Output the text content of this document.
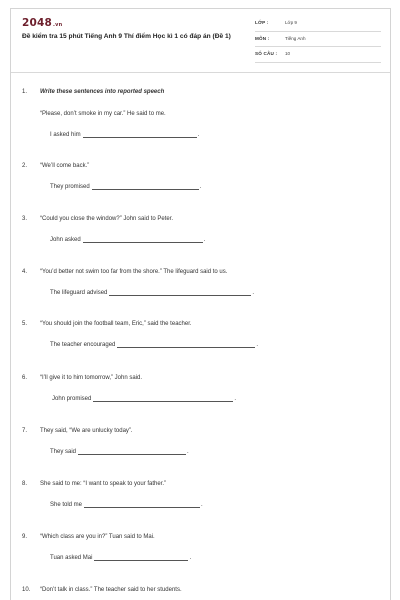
2048.vn
Đề kiểm tra 15 phút Tiếng Anh 9 Thí điểm Học kì 1 có đáp án (Đề 1)
LỚP :	Lớp 9
MÔN :	Tiếng Anh
SỐ CÂU : 10
1. Write these sentences into reported speech
“Please, don’t smoke in my car.” He said to me.
I asked him	.
2. “We’ll come back.”
They promised	.
3. “Could you close the window?” John said to Peter.
John asked	.
4. “You’d better not swim too far from the shore.” The lifeguard said to us.
The lifeguard advised	.
5. “You should join the football team, Eric,” said the teacher.
The teacher encouraged	.
6. “I’ll give it to him tomorrow,” John said.
John promised	.
7. They said, “We are unlucky today”.
They said	.
8. She said to me: “I want to speak to your father.”
She told me	.
9. “Which class are you in?” Tuan said to Mai.
Tuan asked Mai	.
10. “Don’t talk in class.” The teacher said to her students.
